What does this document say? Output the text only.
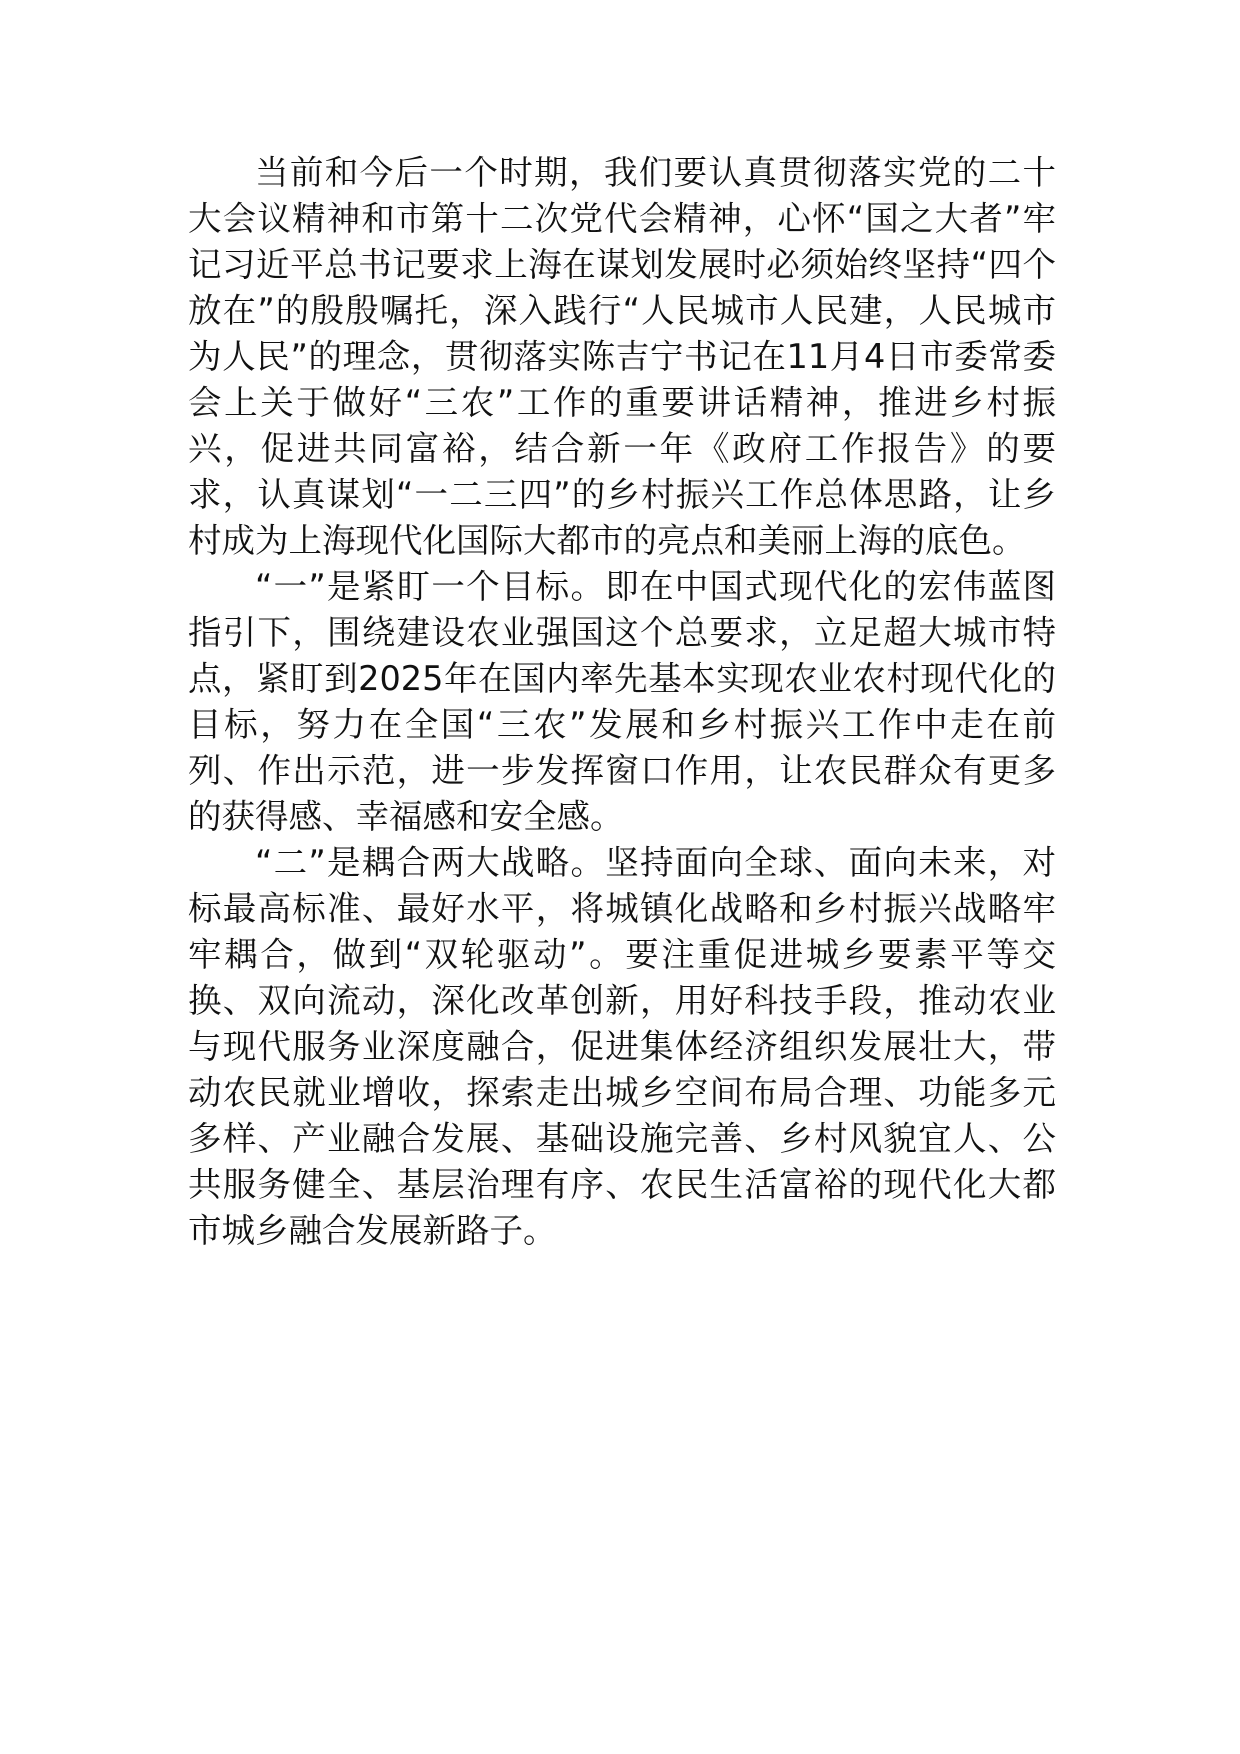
当前和今后一个时期，我们要认真贯彻落实党的二十大会议精神和市第十二次党代会精神，心怀“国之大者”牢记习近平总书记要求上海在谋划发展时必须始终坚持“四个放在”的殷殷嘱托，深入践行“人民城市人民建，人民城市为人民”的理念，贯彻落实陈吉宁书记在11月4日市委常委会上关于做好“三农”工作的重要讲话精神，推进乡村振兴，促进共同富裕，结合新一年《政府工作报告》的要求，认真谋划“一二三四”的乡村振兴工作总体思路，让乡村成为上海现代化国际大都市的亮点和美丽上海的底色。

“一”是紧盯一个目标。即在中国式现代化的宏伟蓝图指引下，围绕建设农业强国这个总要求，立足超大城市特点，紧盯到2025年在国内率先基本实现农业农村现代化的目标，努力在全国“三农”发展和乡村振兴工作中走在前列、作出示范，进一步发挥窗口作用，让农民群众有更多的获得感、幸福感和安全感。

“二”是耦合两大战略。坚持面向全球、面向未来，对标最高标准、最好水平，将城镇化战略和乡村振兴战略牢牢耦合，做到“双轮驱动”。要注重促进城乡要素平等交换、双向流动，深化改革创新，用好科技手段，推动农业与现代服务业深度融合，促进集体经济组织发展壮大，带动农民就业增收，探索走出城乡空间布局合理、功能多元多样、产业融合发展、基础设施完善、乡村风貌宜人、公共服务健全、基层治理有序、农民生活富裕的现代化大都市城乡融合发展新路子。
